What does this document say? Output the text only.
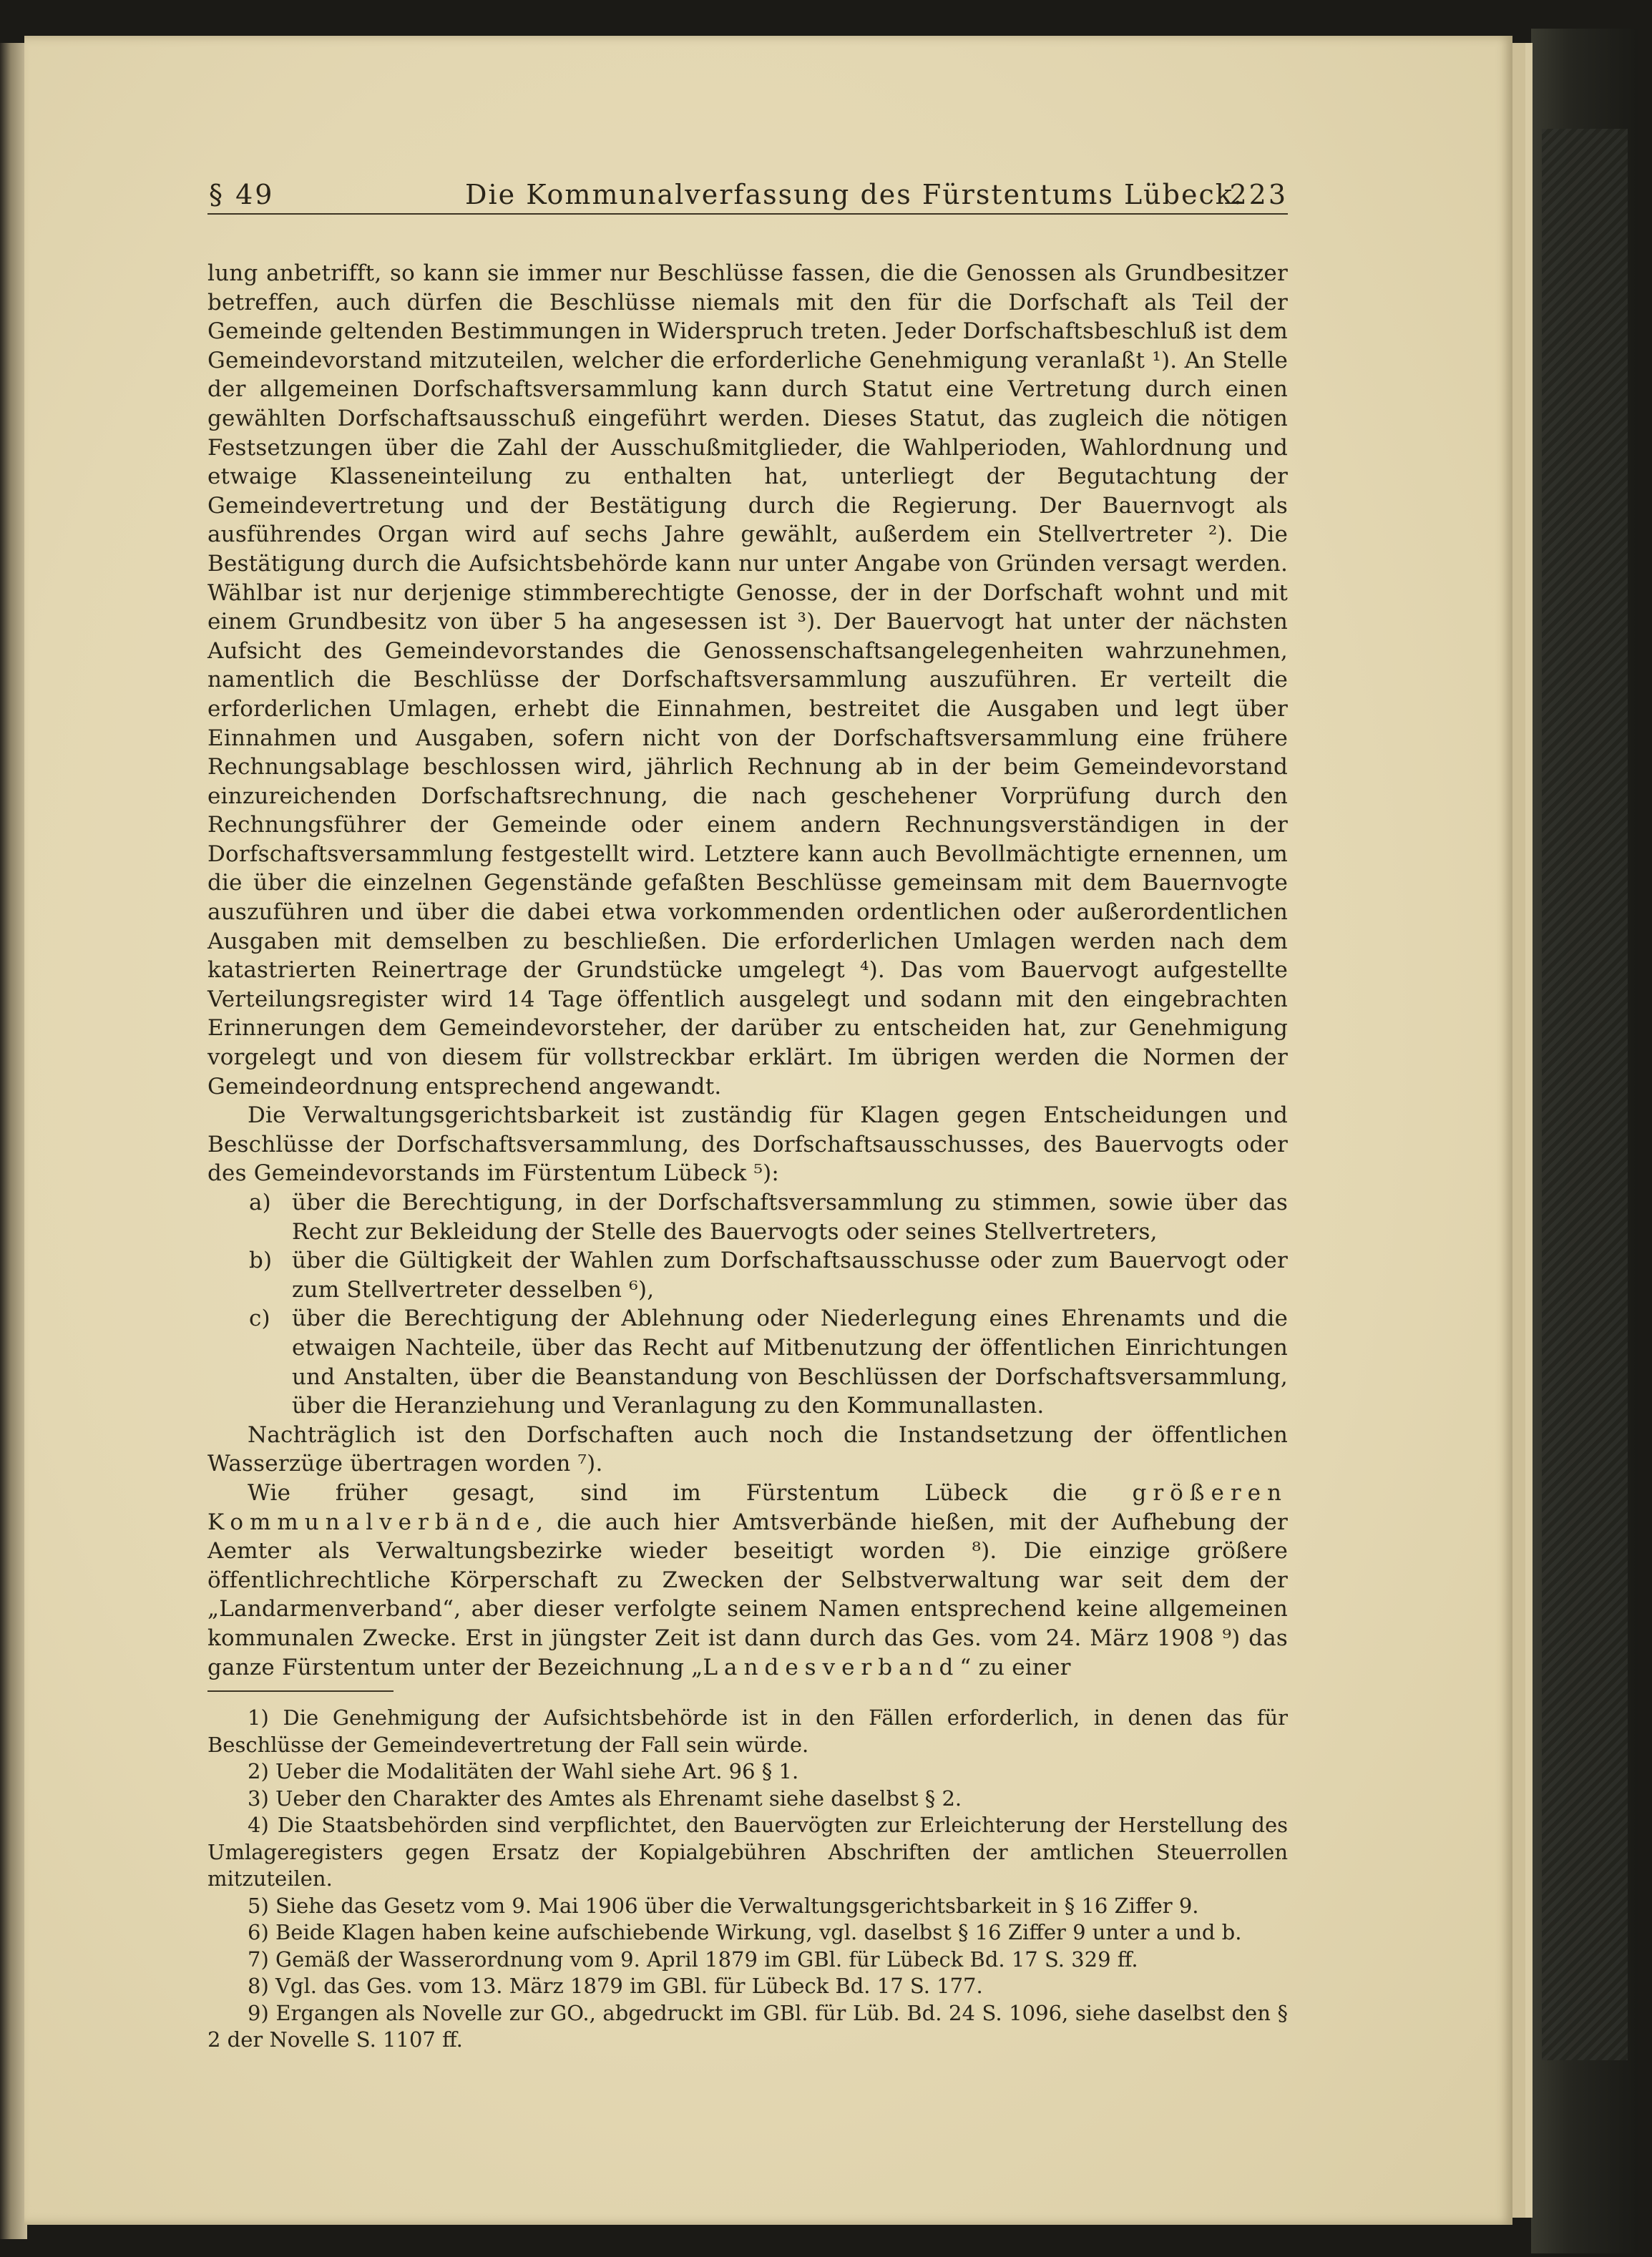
§ 49	Die Kommunalverfassung des Fürstentums Lübeck.
223

lung anbetrifft, so kann sie immer nur Beschlüsse fassen, die die Genossen als Grundbesitzer betreffen, auch dürfen die Beschlüsse niemals mit den für die Dorfschaft als Teil der Gemeinde geltenden Bestimmungen in Widerspruch treten. Jeder Dorfschaftsbeschluß ist dem Gemeindevorstand mitzuteilen, welcher die erforderliche Genehmigung veranlaßt ¹). An Stelle der allgemeinen Dorfschaftsversammlung kann durch Statut eine Vertretung durch einen gewählten Dorfschaftsausschuß eingeführt werden. Dieses Statut, das zugleich die nötigen Festsetzungen über die Zahl der Ausschußmitglieder, die Wahlperioden, Wahlordnung und etwaige Klasseneinteilung zu enthalten hat, unterliegt der Begutachtung der Gemeindevertretung und der Bestätigung durch die Regierung. Der Bauernvogt als ausführendes Organ wird auf sechs Jahre gewählt, außerdem ein Stellvertreter ²). Die Bestätigung durch die Aufsichtsbehörde kann nur unter Angabe von Gründen versagt werden. Wählbar ist nur derjenige stimmberechtigte Genosse, der in der Dorfschaft wohnt und mit einem Grundbesitz von über 5 ha angesessen ist ³). Der Bauervogt hat unter der nächsten Aufsicht des Gemeindevorstandes die Genossenschaftsangelegenheiten wahrzunehmen, namentlich die Beschlüsse der Dorfschaftsversammlung auszuführen. Er verteilt die erforderlichen Umlagen, erhebt die Einnahmen, bestreitet die Ausgaben und legt über Einnahmen und Ausgaben, sofern nicht von der Dorfschaftsversammlung eine frühere Rechnungsablage beschlossen wird, jährlich Rechnung ab in der beim Gemeindevorstand einzureichenden Dorfschaftsrechnung, die nach geschehener Vorprüfung durch den Rechnungsführer der Gemeinde oder einem andern Rechnungsverständigen in der Dorfschaftsversammlung festgestellt wird. Letztere kann auch Bevollmächtigte ernennen, um die über die einzelnen Gegenstände gefaßten Beschlüsse gemeinsam mit dem Bauernvogte auszuführen und über die dabei etwa vorkommenden ordentlichen oder außerordentlichen Ausgaben mit demselben zu beschließen. Die erforderlichen Umlagen werden nach dem katastrierten Reinertrage der Grundstücke umgelegt ⁴). Das vom Bauervogt aufgestellte Verteilungsregister wird 14 Tage öffentlich ausgelegt und sodann mit den eingebrachten Erinnerungen dem Gemeindevorsteher, der darüber zu entscheiden hat, zur Genehmigung vorgelegt und von diesem für vollstreckbar erklärt. Im übrigen werden die Normen der Gemeindeordnung entsprechend angewandt.

Die Verwaltungsgerichtsbarkeit ist zuständig für Klagen gegen Entscheidungen und Beschlüsse der Dorfschaftsversammlung, des Dorfschaftsausschusses, des Bauervogts oder des Gemeindevorstands im Fürstentum Lübeck ⁵):

a) über die Berechtigung, in der Dorfschaftsversammlung zu stimmen, sowie über das Recht zur Bekleidung der Stelle des Bauervogts oder seines Stellvertreters,
b) über die Gültigkeit der Wahlen zum Dorfschaftsausschusse oder zum Bauervogt oder zum Stellvertreter desselben ⁶),
c) über die Berechtigung der Ablehnung oder Niederlegung eines Ehrenamts und die etwaigen Nachteile, über das Recht auf Mitbenutzung der öffentlichen Einrichtungen und Anstalten, über die Beanstandung von Beschlüssen der Dorfschaftsversammlung, über die Heranziehung und Veranlagung zu den Kommunallasten.

Nachträglich ist den Dorfschaften auch noch die Instandsetzung der öffentlichen Wasserzüge übertragen worden ⁷).

Wie früher gesagt, sind im Fürstentum Lübeck die größeren Kommunalverbände, die auch hier Amtsverbände hießen, mit der Aufhebung der Aemter als Verwaltungsbezirke wieder beseitigt worden ⁸). Die einzige größere öffentlichrechtliche Körperschaft zu Zwecken der Selbstverwaltung war seit dem der „Landarmenverband“, aber dieser verfolgte seinem Namen entsprechend keine allgemeinen kommunalen Zwecke. Erst in jüngster Zeit ist dann durch das Ges. vom 24. März 1908 ⁹) das ganze Fürstentum unter der Bezeichnung „Landesverband“ zu einer

1) Die Genehmigung der Aufsichtsbehörde ist in den Fällen erforderlich, in denen das für Beschlüsse der Gemeindevertretung der Fall sein würde.

2) Ueber die Modalitäten der Wahl siehe Art. 96 § 1.

3) Ueber den Charakter des Amtes als Ehrenamt siehe daselbst § 2.

4) Die Staatsbehörden sind verpflichtet, den Bauervögten zur Erleichterung der Herstellung des Umlageregisters gegen Ersatz der Kopialgebühren Abschriften der amtlichen Steuerrollen mitzuteilen.

5) Siehe das Gesetz vom 9. Mai 1906 über die Verwaltungsgerichtsbarkeit in § 16 Ziffer 9.

6) Beide Klagen haben keine aufschiebende Wirkung, vgl. daselbst § 16 Ziffer 9 unter a und b.

7) Gemäß der Wasserordnung vom 9. April 1879 im GBl. für Lübeck Bd. 17 S. 329 ff.

8) Vgl. das Ges. vom 13. März 1879 im GBl. für Lübeck Bd. 17 S. 177.

9) Ergangen als Novelle zur GO., abgedruckt im GBl. für Lüb. Bd. 24 S. 1096, siehe daselbst den § 2 der Novelle S. 1107 ff.
